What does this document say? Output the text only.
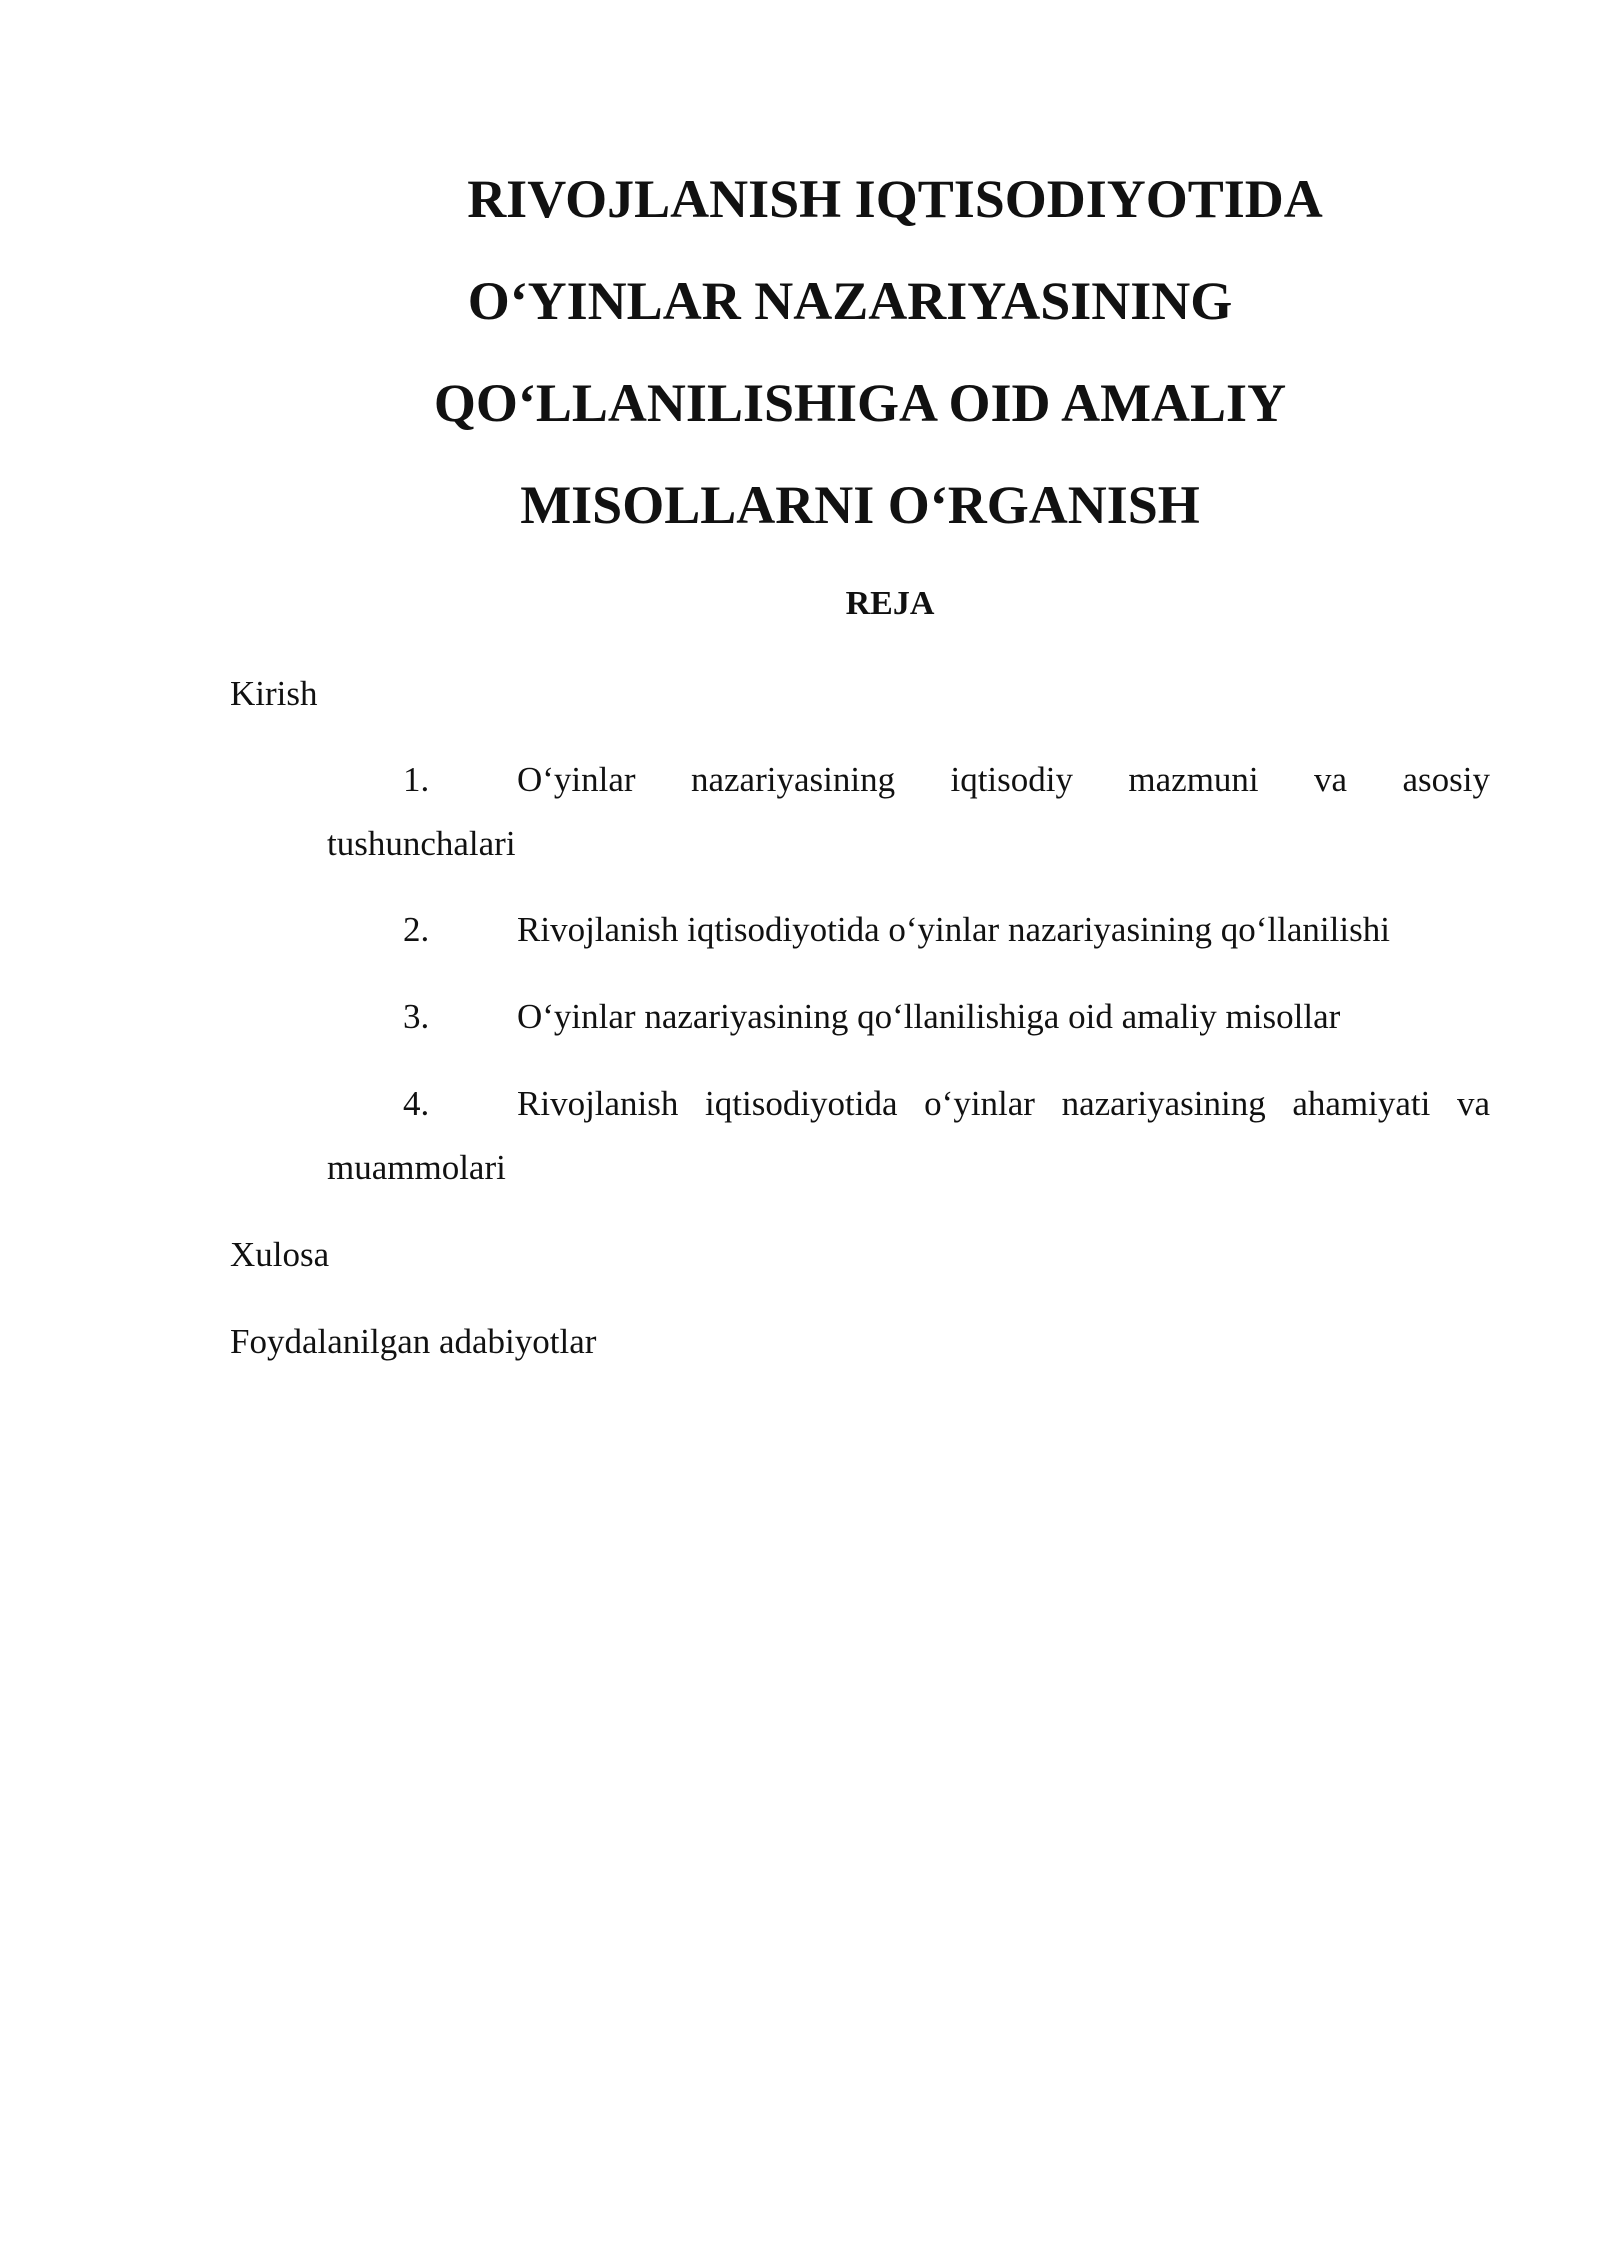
RIVOJLANISH IQTISODIYOTIDA
O‘YINLAR NAZARIYASINING
QO‘LLANILISHIGA OID AMALIY
MISOLLARNI O‘RGANISH
REJA
Kirish
1.	O‘yinlar nazariyasining iqtisodiy mazmuni va asosiy
tushunchalari
2.	Rivojlanish iqtisodiyotida o‘yinlar nazariyasining qo‘llanilishi
3.	O‘yinlar nazariyasining qo‘llanilishiga oid amaliy misollar
4.	Rivojlanish iqtisodiyotida o‘yinlar nazariyasining ahamiyati va
muammolari
Xulosa
Foydalanilgan adabiyotlar
